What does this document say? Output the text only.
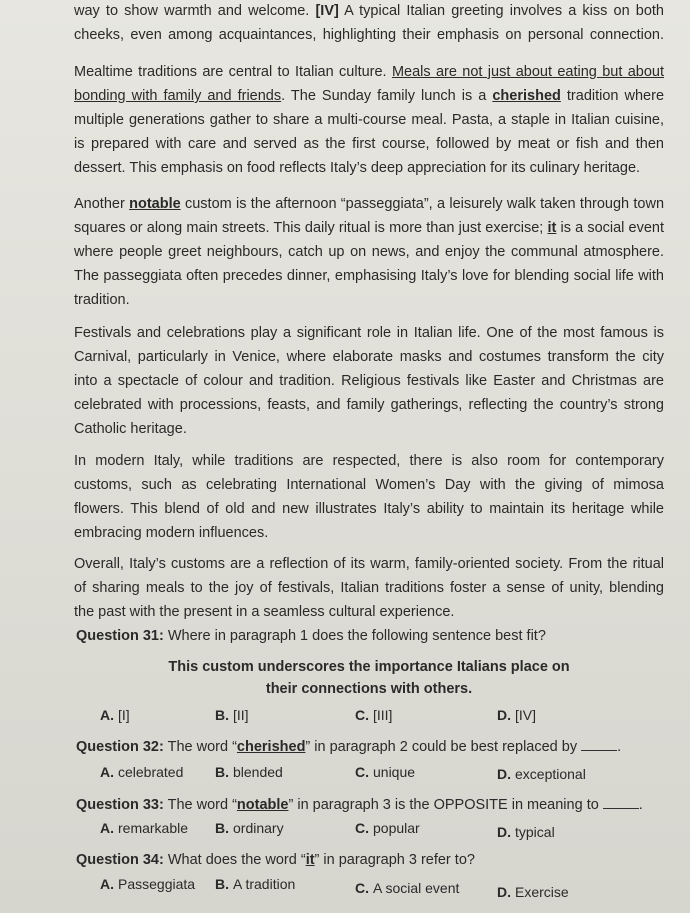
way to show warmth and welcome. [IV] A typical Italian greeting involves a kiss on both
cheeks, even among acquaintances, highlighting their emphasis on personal connection.
Mealtime traditions are central to Italian culture. Meals are not just about eating but about
bonding with family and friends. The Sunday family lunch is a cherished tradition where
multiple generations gather to share a multi-course meal. Pasta, a staple in Italian cuisine,
is prepared with care and served as the first course, followed by meat or fish and then
dessert. This emphasis on food reflects Italy’s deep appreciation for its culinary heritage.
Another notable custom is the afternoon “passeggiata”, a leisurely walk taken through town
squares or along main streets. This daily ritual is more than just exercise; it is a social event
where people greet neighbours, catch up on news, and enjoy the communal atmosphere.
The passeggiata often precedes dinner, emphasising Italy’s love for blending social life with
tradition.
Festivals and celebrations play a significant role in Italian life. One of the most famous is
Carnival, particularly in Venice, where elaborate masks and costumes transform the city
into a spectacle of colour and tradition. Religious festivals like Easter and Christmas are
celebrated with processions, feasts, and family gatherings, reflecting the country’s strong
Catholic heritage.
In modern Italy, while traditions are respected, there is also room for contemporary
customs, such as celebrating International Women’s Day with the giving of mimosa
flowers. This blend of old and new illustrates Italy’s ability to maintain its heritage while
embracing modern influences.
Overall, Italy’s customs are a reflection of its warm, family-oriented society. From the ritual
of sharing meals to the joy of festivals, Italian traditions foster a sense of unity, blending
the past with the present in a seamless cultural experience.
Question 31: Where in paragraph 1 does the following sentence best fit?
This custom underscores the importance Italians place on
their connections with others.
A. [I]	B. [II]	C. [III]	D. [IV]
Question 32: The word “cherished” in paragraph 2 could be best replaced by	.
A. celebrated B. blended	C. unique	D. exceptional
Question 33: The word “notable” in paragraph 3 is the OPPOSITE in meaning to	.
A. remarkable B. ordinary	C. popular	D. typical
Question 34: What does the word “it” in paragraph 3 refer to?
A. Passeggiata B. A tradition	C. A social event	D. Exercise
